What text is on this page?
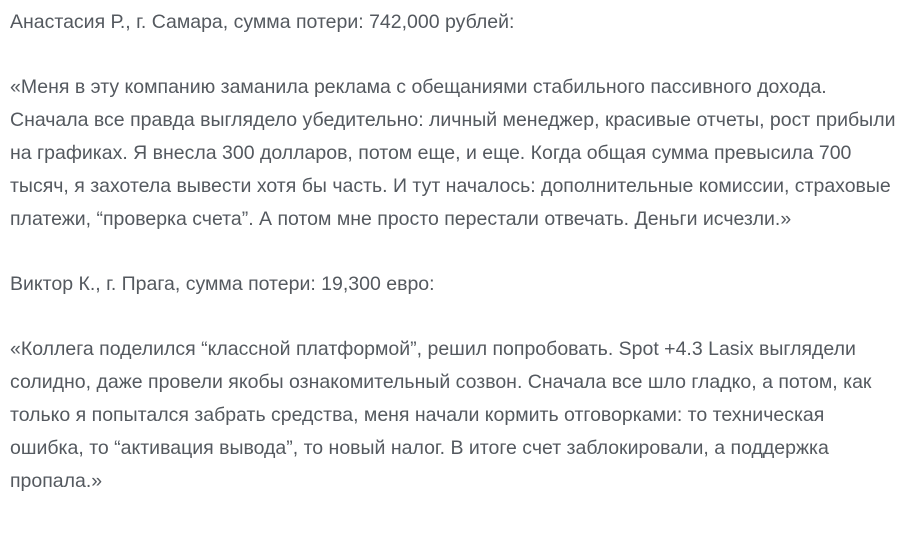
Анастасия Р., г. Самара, сумма потери: 742,000 рублей:

«Меня в эту компанию заманила реклама с обещаниями стабильного пассивного дохода. Сначала все правда выглядело убедительно: личный менеджер, красивые отчеты, рост прибыли на графиках. Я внесла 300 долларов, потом еще, и еще. Когда общая сумма превысила 700 тысяч, я захотела вывести хотя бы часть. И тут началось: дополнительные комиссии, страховые платежи, “проверка счета”. А потом мне просто перестали отвечать. Деньги исчезли.»

Виктор К., г. Прага, сумма потери: 19,300 евро:

«Коллега поделился “классной платформой”, решил попробовать. Spot +4.3 Lasix выглядели солидно, даже провели якобы ознакомительный созвон. Сначала все шло гладко, а потом, как только я попытался забрать средства, меня начали кормить отговорками: то техническая ошибка, то “активация вывода”, то новый налог. В итоге счет заблокировали, а поддержка пропала.»
